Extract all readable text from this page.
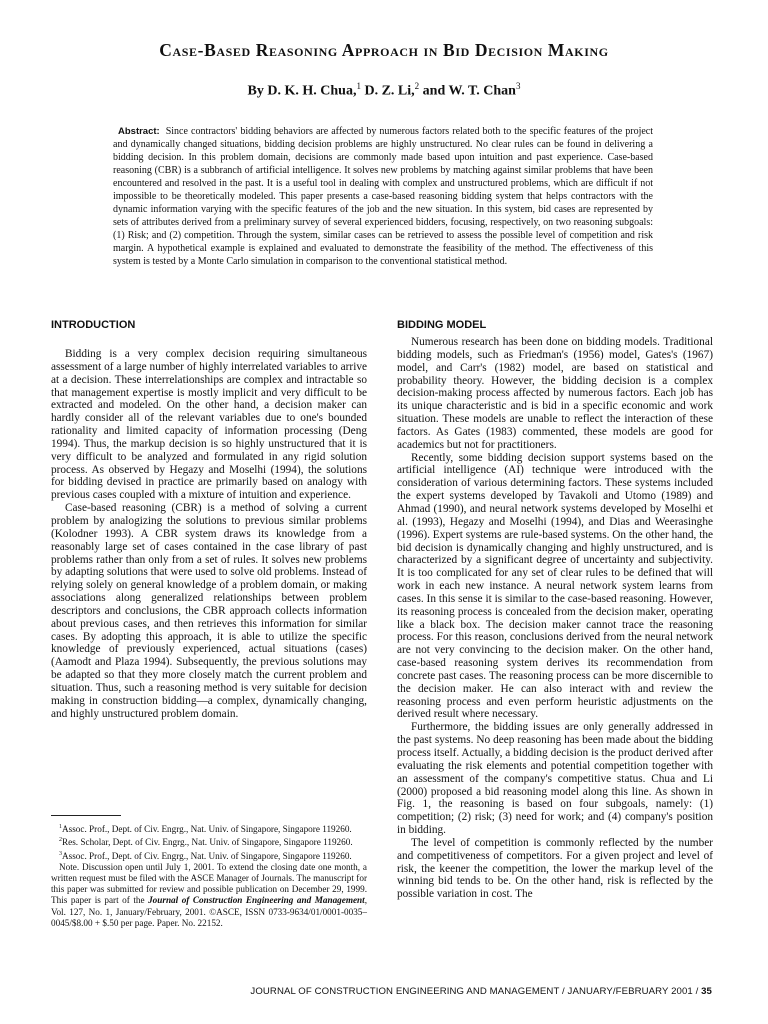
Case-Based Reasoning Approach in Bid Decision Making
By D. K. H. Chua,$^1$ D. Z. Li,$^2$ and W. T. Chan$^3$

Abstract: Since contractors' bidding behaviors are affected by numerous factors related both to the specific features of the project and dynamically changed situations, bidding decision problems are highly unstructured. No clear rules can be found in delivering a bidding decision. In this problem domain, decisions are commonly made based upon intuition and past experience. Case-based reasoning (CBR) is a subbranch of artificial intelligence. It solves new problems by matching against similar problems that have been encountered and resolved in the past. It is a useful tool in dealing with complex and unstructured problems, which are difficult if not impossible to be theoretically modeled. This paper presents a case-based reasoning bidding system that helps contractors with the dynamic information varying with the specific features of the job and the new situation. In this system, bid cases are represented by sets of attributes derived from a preliminary survey of several experienced bidders, focusing, respectively, on two reasoning subgoals: (1) Risk; and (2) competition. Through the system, similar cases can be retrieved to assess the possible level of competition and risk margin. A hypothetical example is explained and evaluated to demonstrate the feasibility of the method. The effectiveness of this system is tested by a Monte Carlo simulation in comparison to the conventional statistical method.

INTRODUCTION

Bidding is a very complex decision requiring simultaneous assessment of a large number of highly interrelated variables to arrive at a decision. These interrelationships are complex and intractable so that management expertise is mostly implicit and very difficult to be extracted and modeled. On the other hand, a decision maker can hardly consider all of the relevant variables due to one's bounded rationality and limited capacity of information processing (Deng 1994). Thus, the markup decision is so highly unstructured that it is very difficult to be analyzed and formulated in any rigid solution process. As observed by Hegazy and Moselhi (1994), the solutions for bidding devised in practice are primarily based on analogy with previous cases coupled with a mixture of intuition and experience.

Case-based reasoning (CBR) is a method of solving a current problem by analogizing the solutions to previous similar problems (Kolodner 1993). A CBR system draws its knowledge from a reasonably large set of cases contained in the case library of past problems rather than only from a set of rules. It solves new problems by adapting solutions that were used to solve old problems. Instead of relying solely on general knowledge of a problem domain, or making associations along generalized relationships between problem descriptors and conclusions, the CBR approach collects information about previous cases, and then retrieves this information for similar cases. By adopting this approach, it is able to utilize the specific knowledge of previously experienced, actual situations (cases) (Aamodt and Plaza 1994). Subsequently, the previous solutions may be adapted so that they more closely match the current problem and situation. Thus, such a reasoning method is very suitable for decision making in construction bidding—a complex, dynamically changing, and highly unstructured problem domain.

$^1$Assoc. Prof., Dept. of Civ. Engrg., Nat. Univ. of Singapore, Singapore 119260.

$^2$Res. Scholar, Dept. of Civ. Engrg., Nat. Univ. of Singapore, Singapore 119260.

$^3$Assoc. Prof., Dept. of Civ. Engrg., Nat. Univ. of Singapore, Singapore 119260.

Note. Discussion open until July 1, 2001. To extend the closing date one month, a written request must be filed with the ASCE Manager of Journals. The manuscript for this paper was submitted for review and possible publication on December 29, 1999. This paper is part of the Journal of Construction Engineering and Management, Vol. 127, No. 1, January/February, 2001. ©ASCE, ISSN 0733-9634/01/0001-0035–0045/$8.00 + $.50 per page. Paper. No. 22152.

BIDDING MODEL

Numerous research has been done on bidding models. Traditional bidding models, such as Friedman's (1956) model, Gates's (1967) model, and Carr's (1982) model, are based on statistical and probability theory. However, the bidding decision is a complex decision-making process affected by numerous factors. Each job has its unique characteristic and is bid in a specific economic and work situation. These models are unable to reflect the interaction of these factors. As Gates (1983) commented, these models are good for academics but not for practitioners.

Recently, some bidding decision support systems based on the artificial intelligence (AI) technique were introduced with the consideration of various determining factors. These systems included the expert systems developed by Tavakoli and Utomo (1989) and Ahmad (1990), and neural network systems developed by Moselhi et al. (1993), Hegazy and Moselhi (1994), and Dias and Weerasinghe (1996). Expert systems are rule-based systems. On the other hand, the bid decision is dynamically changing and highly unstructured, and is characterized by a significant degree of uncertainty and subjectivity. It is too complicated for any set of clear rules to be defined that will work in each new instance. A neural network system learns from cases. In this sense it is similar to the case-based reasoning. However, its reasoning process is concealed from the decision maker, operating like a black box. The decision maker cannot trace the reasoning process. For this reason, conclusions derived from the neural network are not very convincing to the decision maker. On the other hand, case-based reasoning system derives its recommendation from concrete past cases. The reasoning process can be more discernible to the decision maker. He can also interact with and review the reasoning process and even perform heuristic adjustments on the derived result where necessary.

Furthermore, the bidding issues are only generally addressed in the past systems. No deep reasoning has been made about the bidding process itself. Actually, a bidding decision is the product derived after evaluating the risk elements and potential competition together with an assessment of the company's competitive status. Chua and Li (2000) proposed a bid reasoning model along this line. As shown in Fig. 1, the reasoning is based on four subgoals, namely: (1) competition; (2) risk; (3) need for work; and (4) company's position in bidding.

The level of competition is commonly reflected by the number and competitiveness of competitors. For a given project and level of risk, the keener the competition, the lower the markup level of the winning bid tends to be. On the other hand, risk is reflected by the possible variation in cost. The

JOURNAL OF CONSTRUCTION ENGINEERING AND MANAGEMENT / JANUARY/FEBRUARY 2001 / 35
